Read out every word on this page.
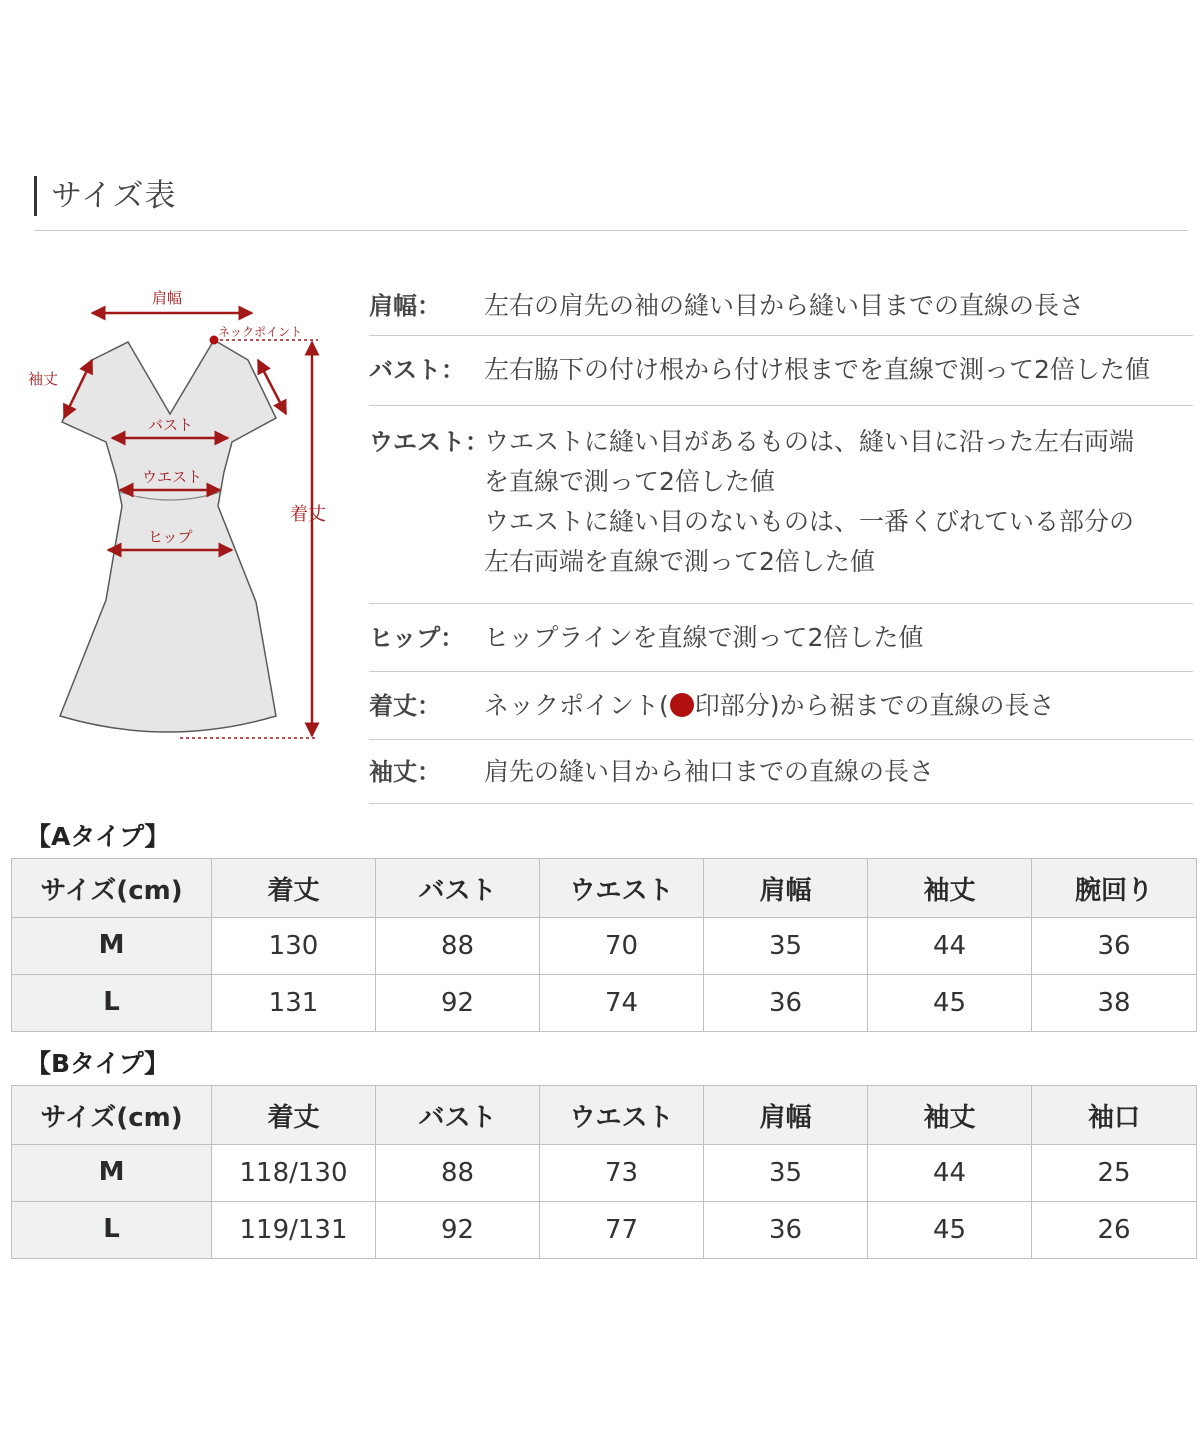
サイズ表
肩幅
ネックポイント
袖丈
バスト
ウエスト
ヒップ
着丈
肩幅：	左右の肩先の袖の縫い目から縫い目までの直線の長さ
バスト： 左右脇下の付け根から付け根までを直線で測って2倍した値
ウエスト：
ウエストに縫い目があるものは、縫い目に沿った左右両端
を直線で測って2倍した値
ウエストに縫い目のないものは、一番くびれている部分の
左右両端を直線で測って2倍した値
ヒップ： ヒップラインを直線で測って2倍した値
着丈：	ネックポイント( 印部分)から裾までの直線の長さ
袖丈：	肩先の縫い目から袖口までの直線の長さ
【Aタイプ】
サイズ(cm)	着丈	バスト	ウエスト	肩幅	袖丈	腕回り
M	130	88	70	35	44	36
L	131	92	74	36	45	38
【Bタイプ】
サイズ(cm)	着丈	バスト	ウエスト	肩幅	袖丈	袖口
M	118/130	88	73	35	44	25
L	119/131	92	77	36	45	26
